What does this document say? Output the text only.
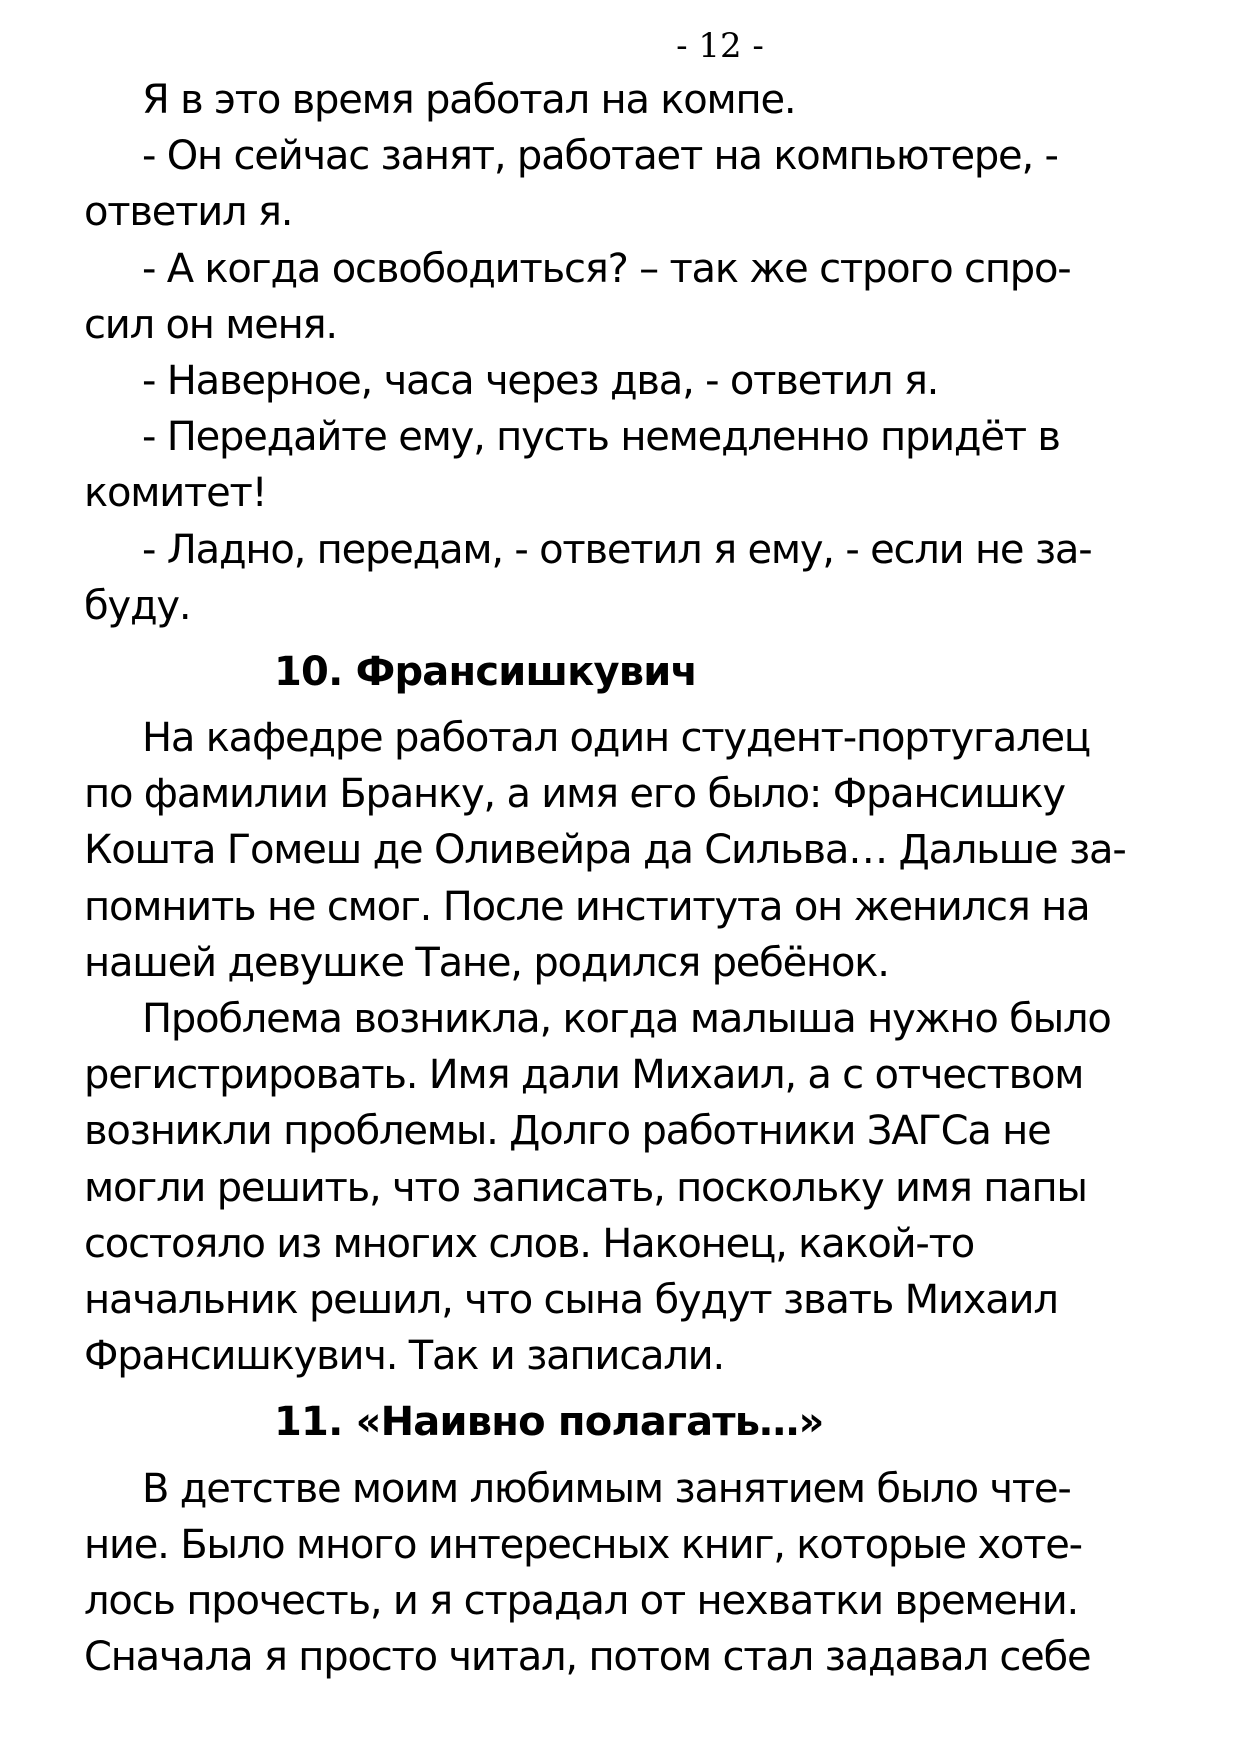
- 12 -
Я в это время работал на компе.
- Он сейчас занят, работает на компьютере, -
ответил я.
- А когда освободиться? – так же строго спро-
сил он меня.
- Наверное, часа через два, - ответил я.
- Передайте ему, пусть немедленно придёт в
комитет!
- Ладно, передам, - ответил я ему, - если не за-
буду.
10. Франсишкувич
На кафедре работал один студент-португалец
по фамилии Бранку, а имя его было: Франсишку
Кошта Гомеш де Оливейра да Сильва… Дальше за-
помнить не смог. После института он женился на
нашей девушке Тане, родился ребёнок.
Проблема возникла, когда малыша нужно было
регистрировать. Имя дали Михаил, а с отчеством
возникли проблемы. Долго работники ЗАГСа не
могли решить, что записать, поскольку имя папы
состояло из многих слов. Наконец, какой-то
начальник решил, что сына будут звать Михаил
Франсишкувич. Так и записали.
11. «Наивно полагать…»
В детстве моим любимым занятием было чте-
ние. Было много интересных книг, которые хоте-
лось прочесть, и я страдал от нехватки времени.
Сначала я просто читал, потом стал задавал себе
